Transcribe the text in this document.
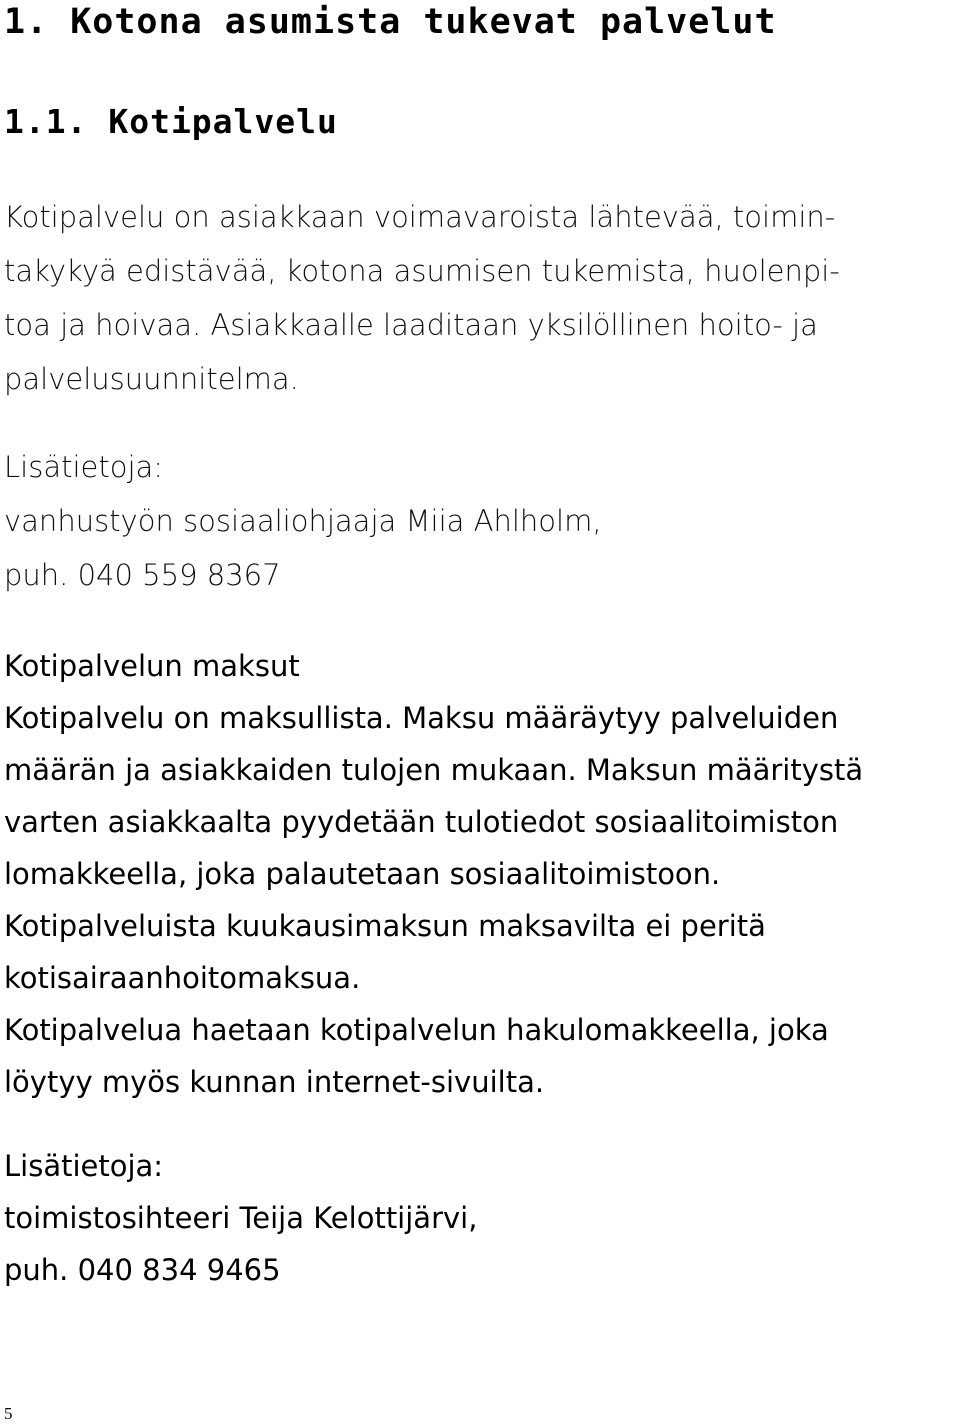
1. Kotona asumista tukevat palvelut
1.1. Kotipalvelu
Kotipalvelu on asiakkaan voimavaroista lähtevää, toimin-
takykyä edistävää, kotona asumisen tukemista, huolenpi-
toa ja hoivaa. Asiakkaalle laaditaan yksilöllinen hoito- ja
palvelusuunnitelma.
Lisätietoja:
vanhustyön sosiaaliohjaaja Miia Ahlholm,
puh. 040 559 8367
Kotipalvelun maksut
Kotipalvelu on maksullista. Maksu määräytyy palveluiden
määrän ja asiakkaiden tulojen mukaan. Maksun määritystä
varten asiakkaalta pyydetään tulotiedot sosiaalitoimiston
lomakkeella, joka palautetaan sosiaalitoimistoon.
Kotipalveluista kuukausimaksun maksavilta ei peritä
kotisairaanhoitomaksua.
Kotipalvelua haetaan kotipalvelun hakulomakkeella, joka
löytyy myös kunnan internet-sivuilta.
Lisätietoja:
toimistosihteeri Teija Kelottijärvi,
puh. 040 834 9465
5
